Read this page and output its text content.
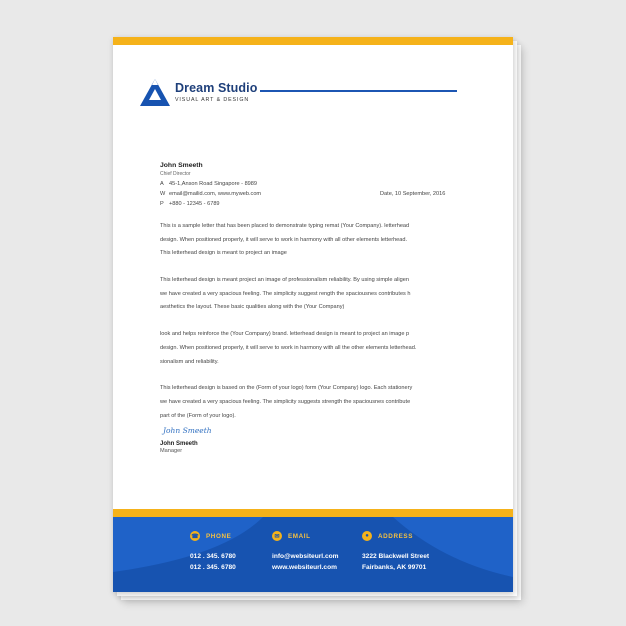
Dream Studio
VISUAL ART & DESIGN
John Smeeth
Chief Director
A 45-1,Anson Road Singapore - 8989
W email@mailid.com, www.myweb.com
P +880 - 12345 - 6789
Date, 10 September, 2016
This is a sample letter that has been placed to demonstrate typing remat (Your Company). letterhead
design. When positioned properly, it will serve to work in harmony with all other elements letterhead.
This letterhead design is meant to project an image
This letterhead design is meant project an image of professionalism reliability. By using simple aligen
we have created a very spacious feeling. The simplicity suggest rength the spaciousnes contributes h
aesthetics the layout. These basic qualities along with the (Your Company)
look and helps reinforce the (Your Company) brand. letterhead design is meant to project an image p
design. When positioned properly, it will serve to work in harmony with all the other elements letterhead.
sionalism and reliability.
This letterhead design is based on the (Form of your logo) form (Your Company) logo. Each stationery
we have created a very spacious feeling. The simplicity suggests strength the spaciousnes contribute
part of the (Form of your logo).
John Smeeth
John Smeeth
Manager
☎ PHONE
012 . 345. 6780
012 . 345. 6780
✉	EMAIL
info@websiteurl.com
www.websiteurl.com
●	ADDRESS
3222 Blackwell Street
Fairbanks, AK 99701
